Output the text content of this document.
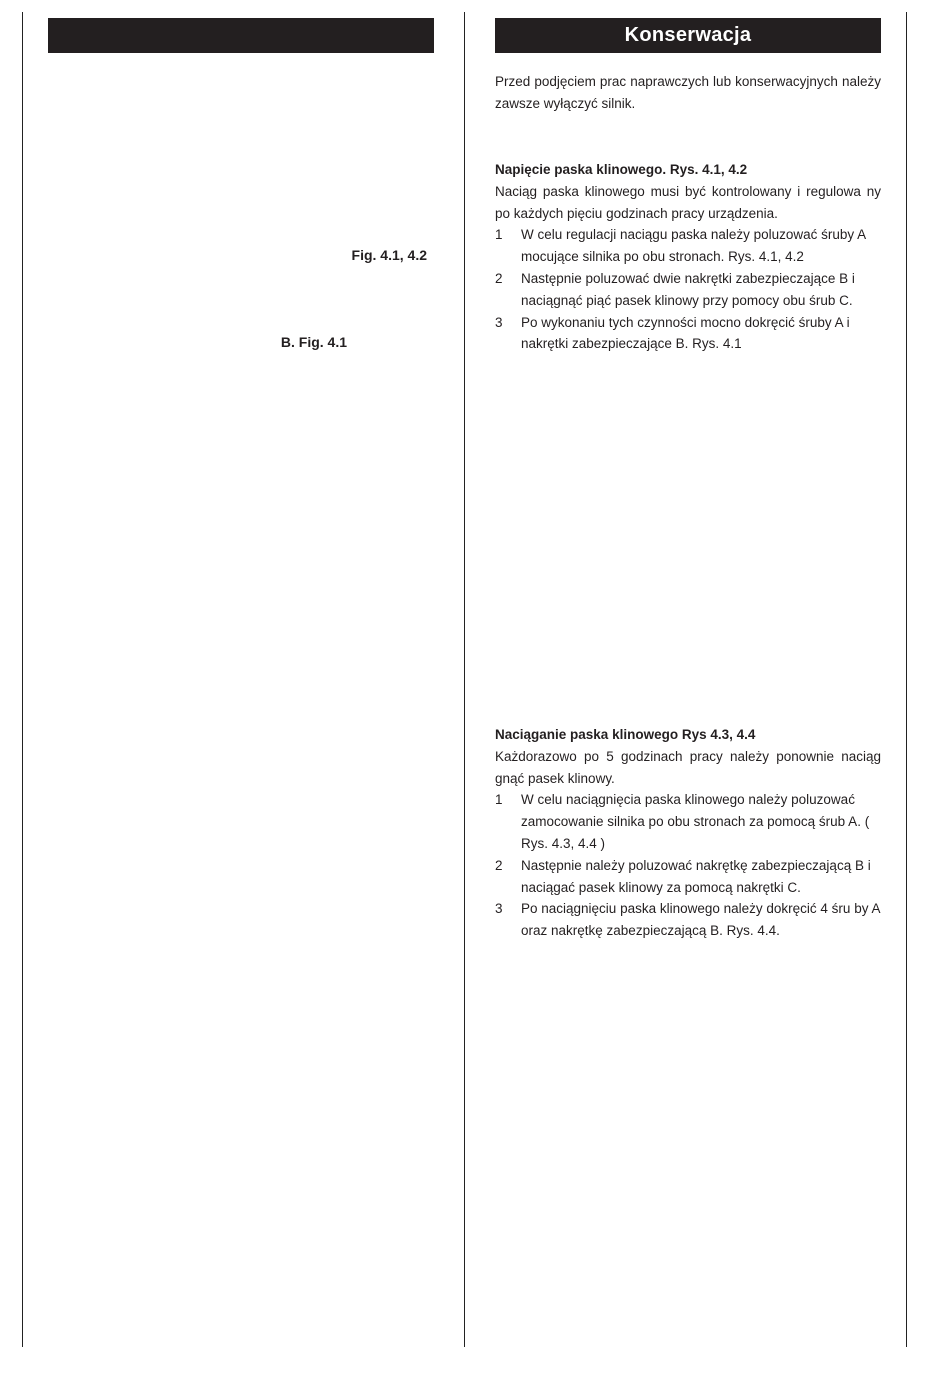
Fig. 4.1, 4.2
B. Fig. 4.1
Konserwacja
Przed podjęciem prac naprawczych lub konserwacyjnych należy zawsze wyłączyć silnik.
Napięcie paska klinowego. Rys. 4.1, 4.2
Naciąg paska klinowego musi być kontrolowany i regulowa ny po każdych pięciu godzinach pracy urządzenia.
1 W celu regulacji naciągu paska należy poluzować śruby A mocujące silnika po obu stronach. Rys. 4.1, 4.2
2 Następnie poluzować dwie nakrętki zabezpieczające B i naciągnąć piąć pasek klinowy przy pomocy obu śrub C.
3 Po wykonaniu tych czynności mocno dokręcić śruby A i nakrętki zabezpieczające B. Rys. 4.1
Naciąganie paska klinowego Rys 4.3, 4.4
Każdorazowo po 5 godzinach pracy należy ponownie naciąg gnąć pasek klinowy.
1 W celu naciągnięcia paska klinowego należy poluzować zamocowanie silnika po obu stronach za pomocą śrub A. ( Rys. 4.3, 4.4 )
2 Następnie należy poluzować nakrętkę zabezpieczającą B i naciągać pasek klinowy za pomocą nakrętki C.
3 Po naciągnięciu paska klinowego należy dokręcić 4 śru by A oraz nakrętkę zabezpieczającą B. Rys. 4.4.
